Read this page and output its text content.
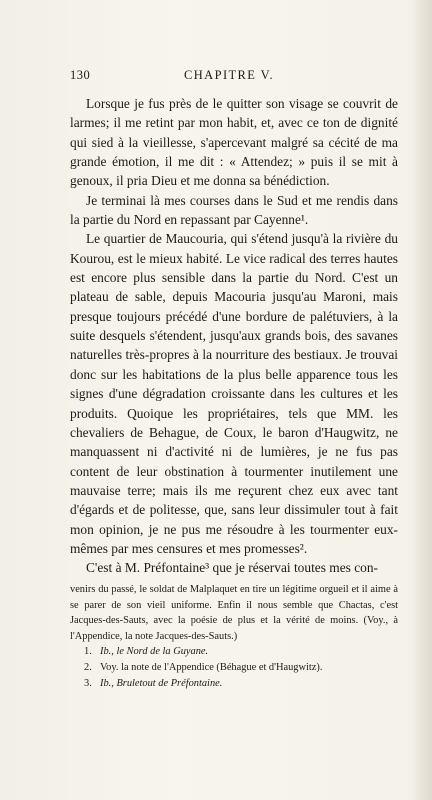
130	CHAPITRE V.

Lorsque je fus près de le quitter son visage se couvrit de larmes; il me retint par mon habit, et, avec ce ton de dignité qui sied à la vieillesse, s'apercevant malgré sa cécité de ma grande émotion, il me dit : « Attendez; » puis il se mit à genoux, il pria Dieu et me donna sa bénédiction.

Je terminai là mes courses dans le Sud et me rendis dans la partie du Nord en repassant par Cayenne¹.

Le quartier de Maucouria, qui s'étend jusqu'à la rivière du Kourou, est le mieux habité. Le vice radical des terres hautes est encore plus sensible dans la partie du Nord. C'est un plateau de sable, depuis Macouria jusqu'au Maroni, mais presque toujours précédé d'une bordure de palétuviers, à la suite desquels s'étendent, jusqu'aux grands bois, des savanes naturelles très-propres à la nourriture des bestiaux. Je trouvai donc sur les habitations de la plus belle apparence tous les signes d'une dégradation croissante dans les cultures et les produits. Quoique les propriétaires, tels que MM. les chevaliers de Behague, de Coux, le baron d'Haugwitz, ne manquassent ni d'activité ni de lumières, je ne fus pas content de leur obstination à tourmenter inutilement une mauvaise terre; mais ils me reçurent chez eux avec tant d'égards et de politesse, que, sans leur dissimuler tout à fait mon opinion, je ne pus me résoudre à les tourmenter eux-mêmes par mes censures et mes promesses².

C'est à M. Préfontaine³ que je réservai toutes mes con-

venirs du passé, le soldat de Malplaquet en tire un légitime orgueil et il aime à se parer de son vieil uniforme. Enfin il nous semble que Chactas, c'est Jacques-des-Sauts, avec la poésie de plus et la vérité de moins. (Voy., à l'Appendice, la note Jacques-des-Sauts.)

1. Ib., le Nord de la Guyane.

2. Voy. la note de l'Appendice (Béhague et d'Haugwitz).

3. Ib., Bruletout de Préfontaine.
